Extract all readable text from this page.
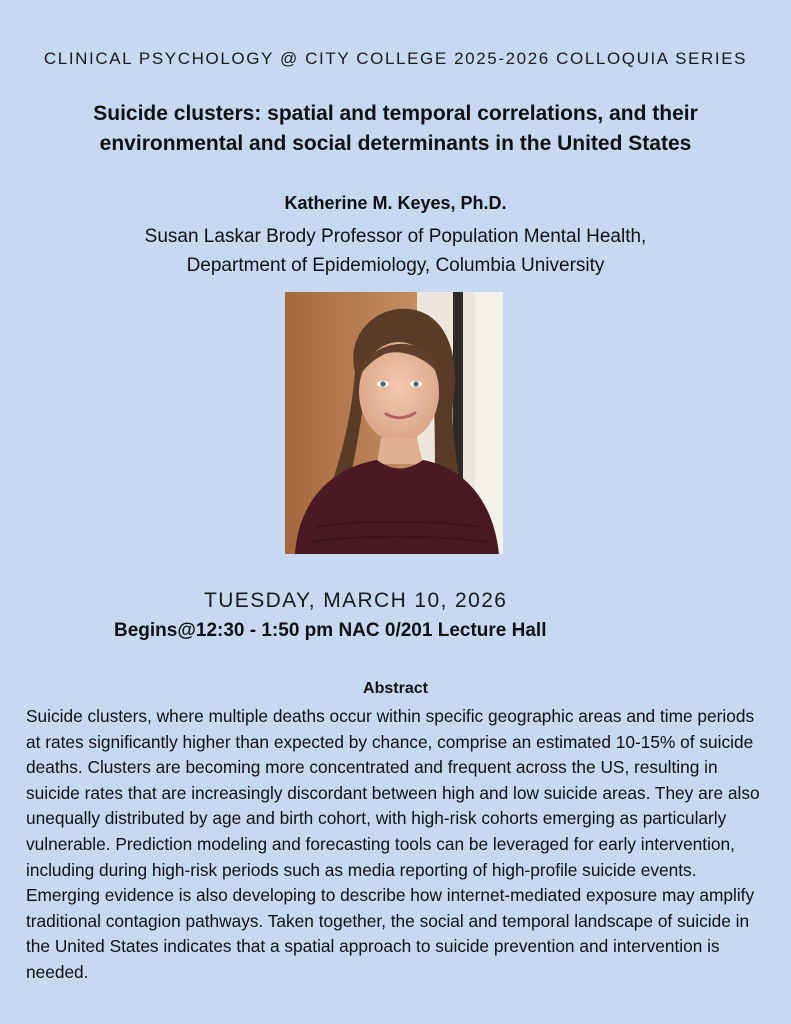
CLINICAL PSYCHOLOGY @ CITY COLLEGE 2025-2026 COLLOQUIA SERIES
Suicide clusters: spatial and temporal correlations, and their
environmental and social determinants in the United States
Katherine M. Keyes, Ph.D.
Susan Laskar Brody Professor of Population Mental Health,
Department of Epidemiology, Columbia University
TUESDAY, MARCH 10, 2026
Begins@12:30 - 1:50 pm NAC 0/201 Lecture Hall
Abstract

Suicide clusters, where multiple deaths occur within specific geographic areas and time periods at rates significantly higher than expected by chance, comprise an estimated 10-15% of suicide deaths. Clusters are becoming more concentrated and frequent across the US, resulting in suicide rates that are increasingly discordant between high and low suicide areas. They are also unequally distributed by age and birth cohort, with high-risk cohorts emerging as particularly vulnerable. Prediction modeling and forecasting tools can be leveraged for early intervention, including during high-risk periods such as media reporting of high-profile suicide events. Emerging evidence is also developing to describe how internet-mediated exposure may amplify traditional contagion pathways. Taken together, the social and temporal landscape of suicide in the United States indicates that a spatial approach to suicide prevention and intervention is needed.
